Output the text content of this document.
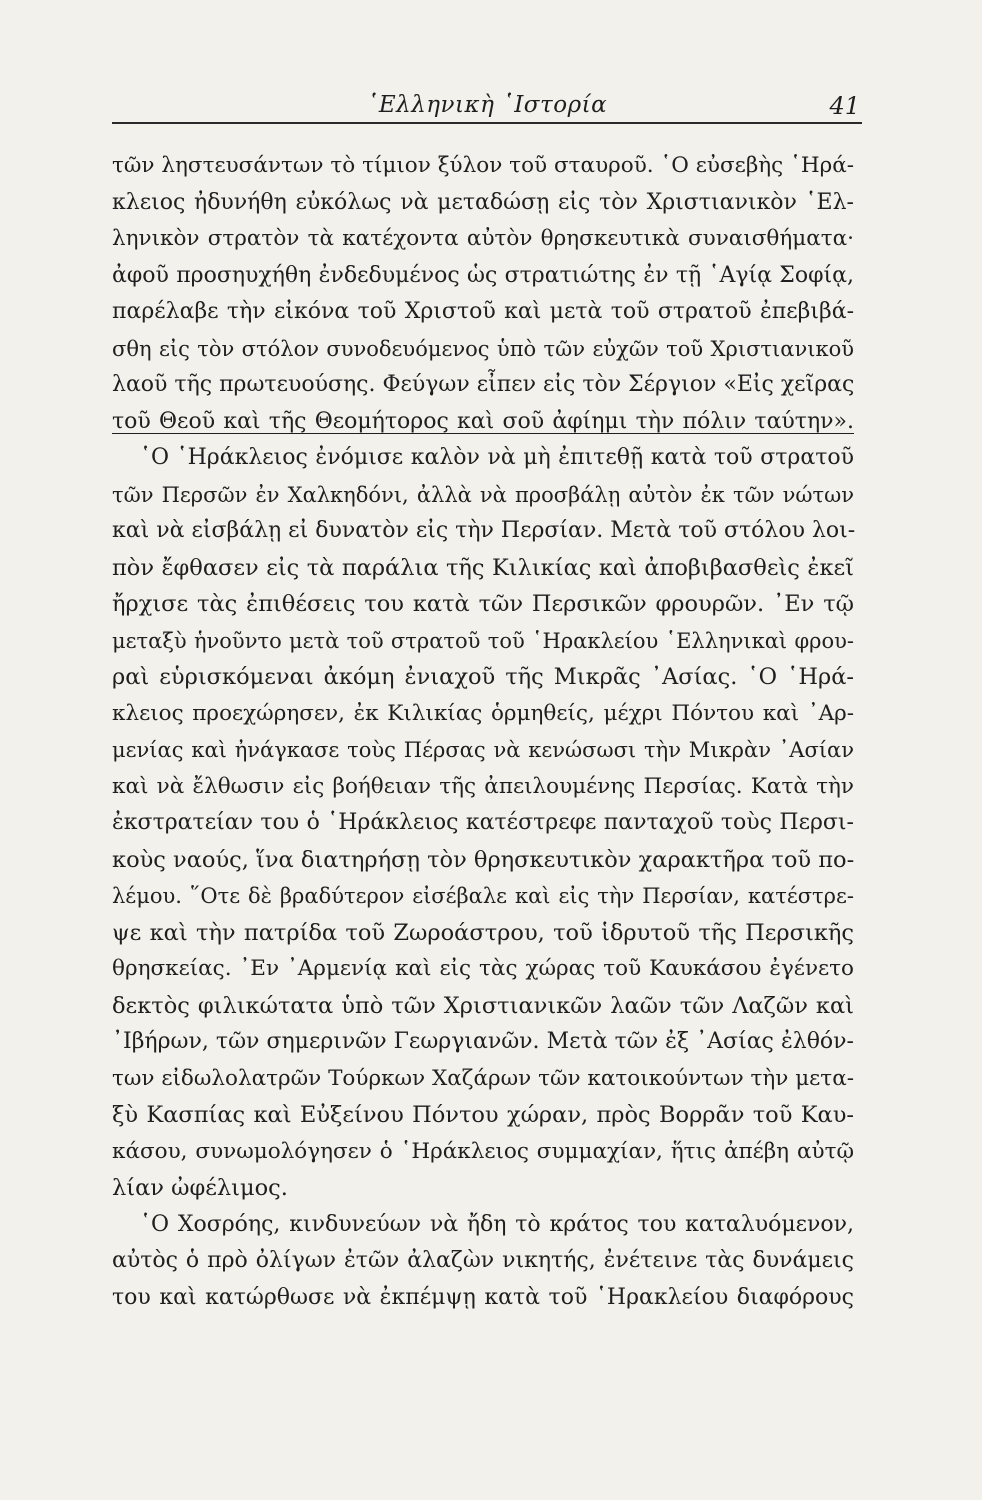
῾Ελληνικὴ ῾Ιστορία	41
τῶν ληστευσάντων τὸ τίμιον ξύλον τοῦ σταυροῦ. ῾Ο εὐσεβὴς ῾Ηρά-
κλειος ἠδυνήθη εὐκόλως νὰ μεταδώσῃ εἰς τὸν Χριστιανικὸν ῾Ελ-
ληνικὸν στρατὸν τὰ κατέχοντα αὐτὸν θρησκευτικὰ συναισθήματα·
ἀφοῦ προσηυχήθη ἐνδεδυμένος ὡς στρατιώτης ἐν τῇ ῾Αγίᾳ Σοφίᾳ,
παρέλαβε τὴν εἰκόνα τοῦ Χριστοῦ καὶ μετὰ τοῦ στρατοῦ ἐπεβιβά-
σθη εἰς τὸν στόλον συνοδευόμενος ὑπὸ τῶν εὐχῶν τοῦ Χριστιανικοῦ
λαοῦ τῆς πρωτευούσης. Φεύγων εἶπεν εἰς τὸν Σέργιον «Εἰς χεῖρας
τοῦ Θεοῦ καὶ τῆς Θεομήτορος καὶ σοῦ ἀφίημι τὴν πόλιν ταύτην».
῾Ο ῾Ηράκλειος ἐνόμισε καλὸν νὰ μὴ ἐπιτεθῇ κατὰ τοῦ στρατοῦ
τῶν Περσῶν ἐν Χαλκηδόνι, ἀλλὰ νὰ προσβάλῃ αὐτὸν ἐκ τῶν νώτων
καὶ νὰ εἰσβάλῃ εἰ δυνατὸν εἰς τὴν Περσίαν. Μετὰ τοῦ στόλου λοι-
πὸν ἔφθασεν εἰς τὰ παράλια τῆς Κιλικίας καὶ ἀποβιβασθεὶς ἐκεῖ
ἤρχισε τὰς ἐπιθέσεις του κατὰ τῶν Περσικῶν φρουρῶν. ᾿Εν τῷ
μεταξὺ ἡνοῦντο μετὰ τοῦ στρατοῦ τοῦ ῾Ηρακλείου ῾Ελληνικαὶ φρου-
ραὶ εὑρισκόμεναι ἀκόμη ἐνιαχοῦ τῆς Μικρᾶς ᾿Ασίας. ῾Ο ῾Ηρά-
κλειος προεχώρησεν, ἐκ Κιλικίας ὁρμηθείς, μέχρι Πόντου καὶ ᾿Αρ-
μενίας καὶ ἠνάγκασε τοὺς Πέρσας νὰ κενώσωσι τὴν Μικρὰν ᾿Ασίαν
καὶ νὰ ἔλθωσιν εἰς βοήθειαν τῆς ἀπειλουμένης Περσίας. Κατὰ τὴν
ἐκστρατείαν του ὁ ῾Ηράκλειος κατέστρεφε πανταχοῦ τοὺς Περσι-
κοὺς ναούς, ἵνα διατηρήσῃ τὸν θρησκευτικὸν χαρακτῆρα τοῦ πο-
λέμου. ῞Οτε δὲ βραδύτερον εἰσέβαλε καὶ εἰς τὴν Περσίαν, κατέστρε-
ψε καὶ τὴν πατρίδα τοῦ Ζωροάστρου, τοῦ ἱδρυτοῦ τῆς Περσικῆς
θρησκείας. ᾿Εν ᾿Αρμενίᾳ καὶ εἰς τὰς χώρας τοῦ Καυκάσου ἐγένετο
δεκτὸς φιλικώτατα ὑπὸ τῶν Χριστιανικῶν λαῶν τῶν Λαζῶν καὶ
᾿Ιβήρων, τῶν σημερινῶν Γεωργιανῶν. Μετὰ τῶν ἐξ ᾿Ασίας ἐλθόν-
των εἰδωλολατρῶν Τούρκων Χαζάρων τῶν κατοικούντων τὴν μετα-
ξὺ Κασπίας καὶ Εὐξείνου Πόντου χώραν, πρὸς Βορρᾶν τοῦ Καυ-
κάσου, συνωμολόγησεν ὁ ῾Ηράκλειος συμμαχίαν, ἥτις ἀπέβη αὐτῷ
λίαν ὠφέλιμος.
῾Ο Χοσρόης, κινδυνεύων νὰ ἤδη τὸ κράτος του καταλυόμενον,
αὐτὸς ὁ πρὸ ὀλίγων ἐτῶν ἀλαζὼν νικητής, ἐνέτεινε τὰς δυνάμεις
του καὶ κατώρθωσε νὰ ἐκπέμψῃ κατὰ τοῦ ῾Ηρακλείου διαφόρους
